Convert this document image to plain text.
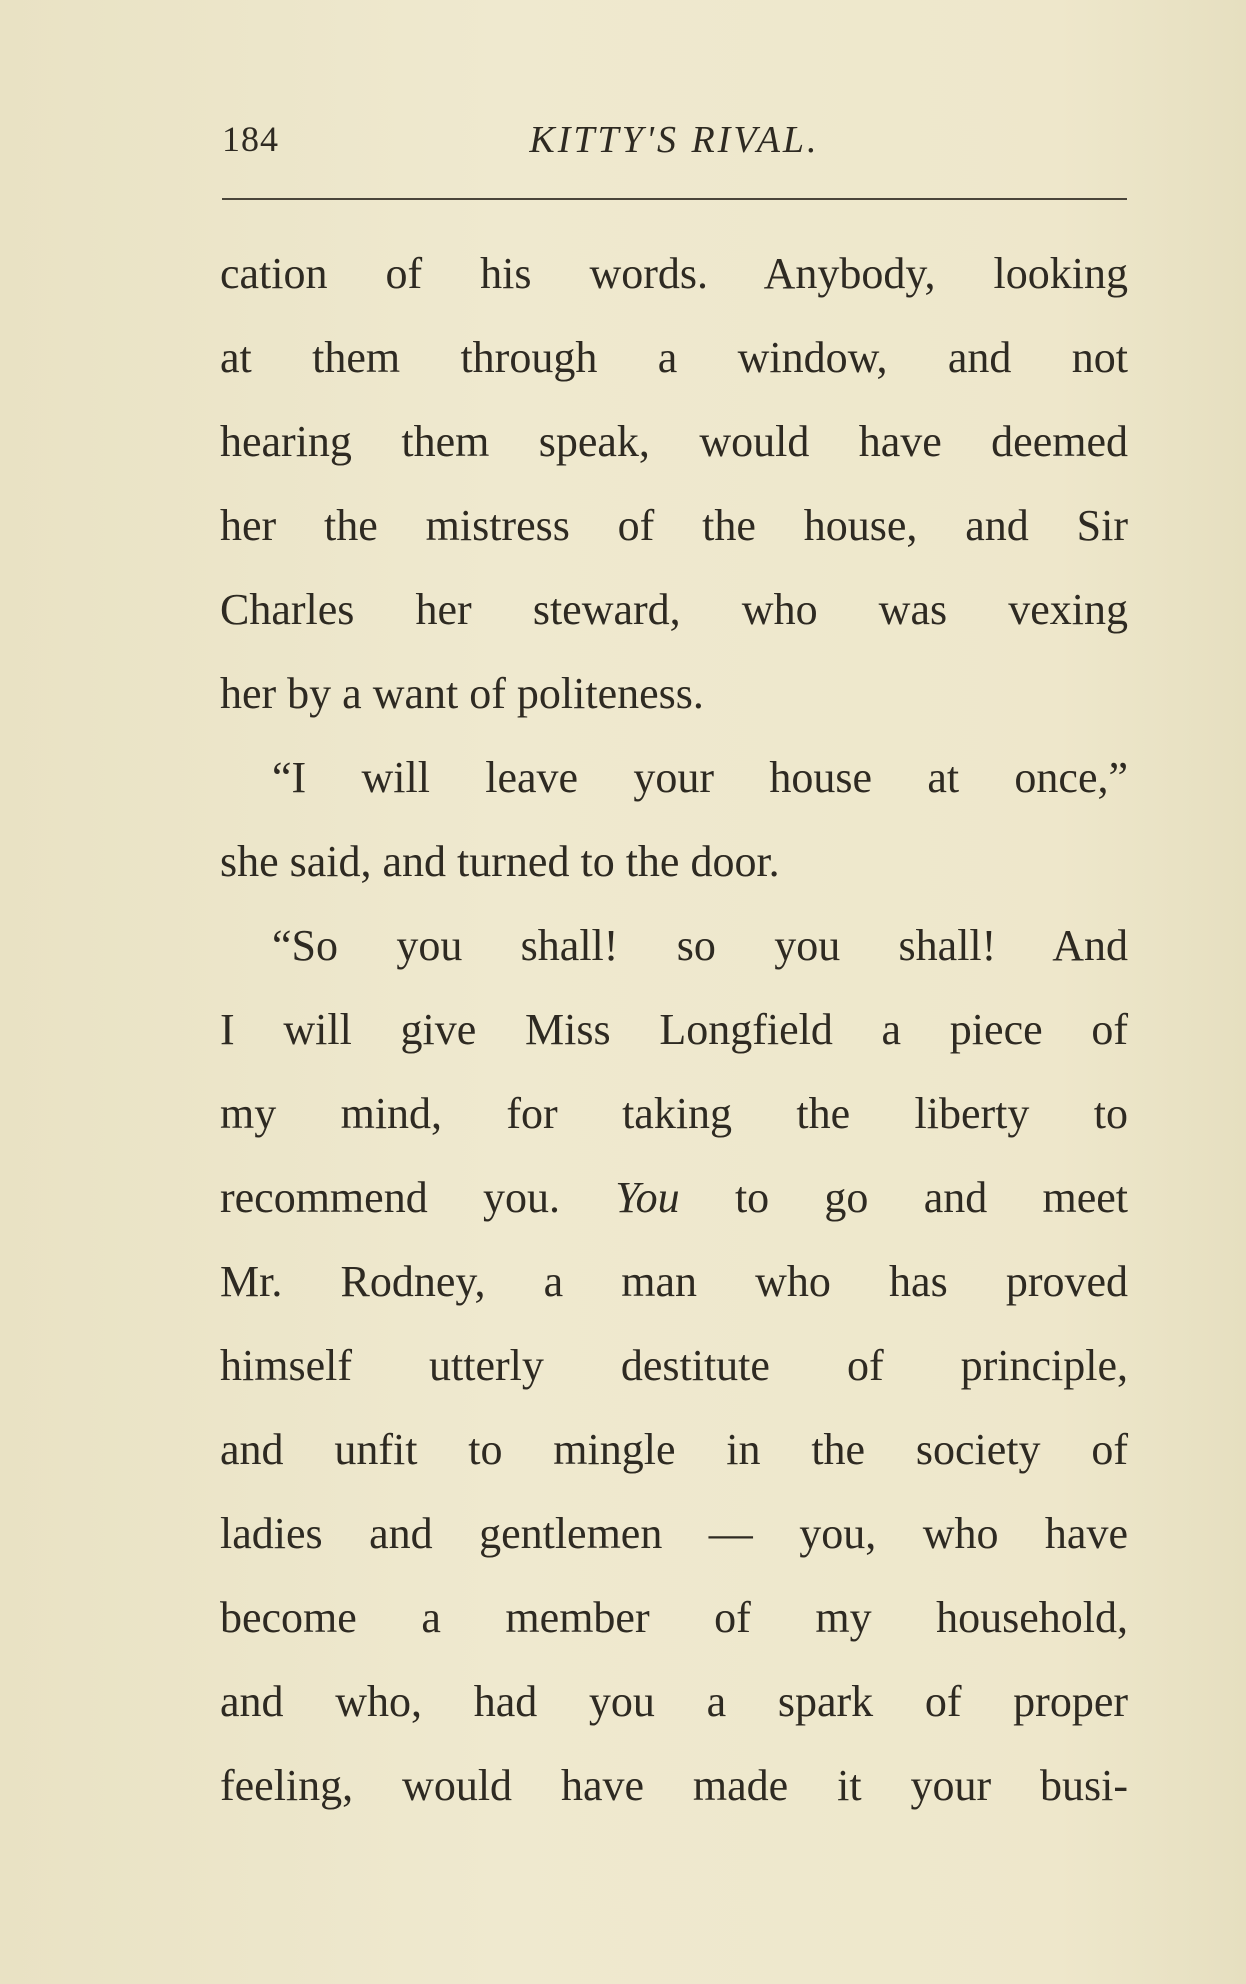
184	KITTY'S RIVAL.
cation of his words. Anybody, looking
at them through a window, and not
hearing them speak, would have deemed
her the mistress of the house, and Sir
Charles her steward, who was vexing
her by a want of politeness.
“I will leave your house at once,”
she said, and turned to the door.
“So you shall! so you shall! And
I will give Miss Longfield a piece of
my mind, for taking the liberty to
recommend you. You to go and meet
Mr. Rodney, a man who has proved
himself utterly destitute of principle,
and unfit to mingle in the society of
ladies and gentlemen — you, who have
become a member of my household,
and who, had you a spark of proper
feeling, would have made it your busi-
